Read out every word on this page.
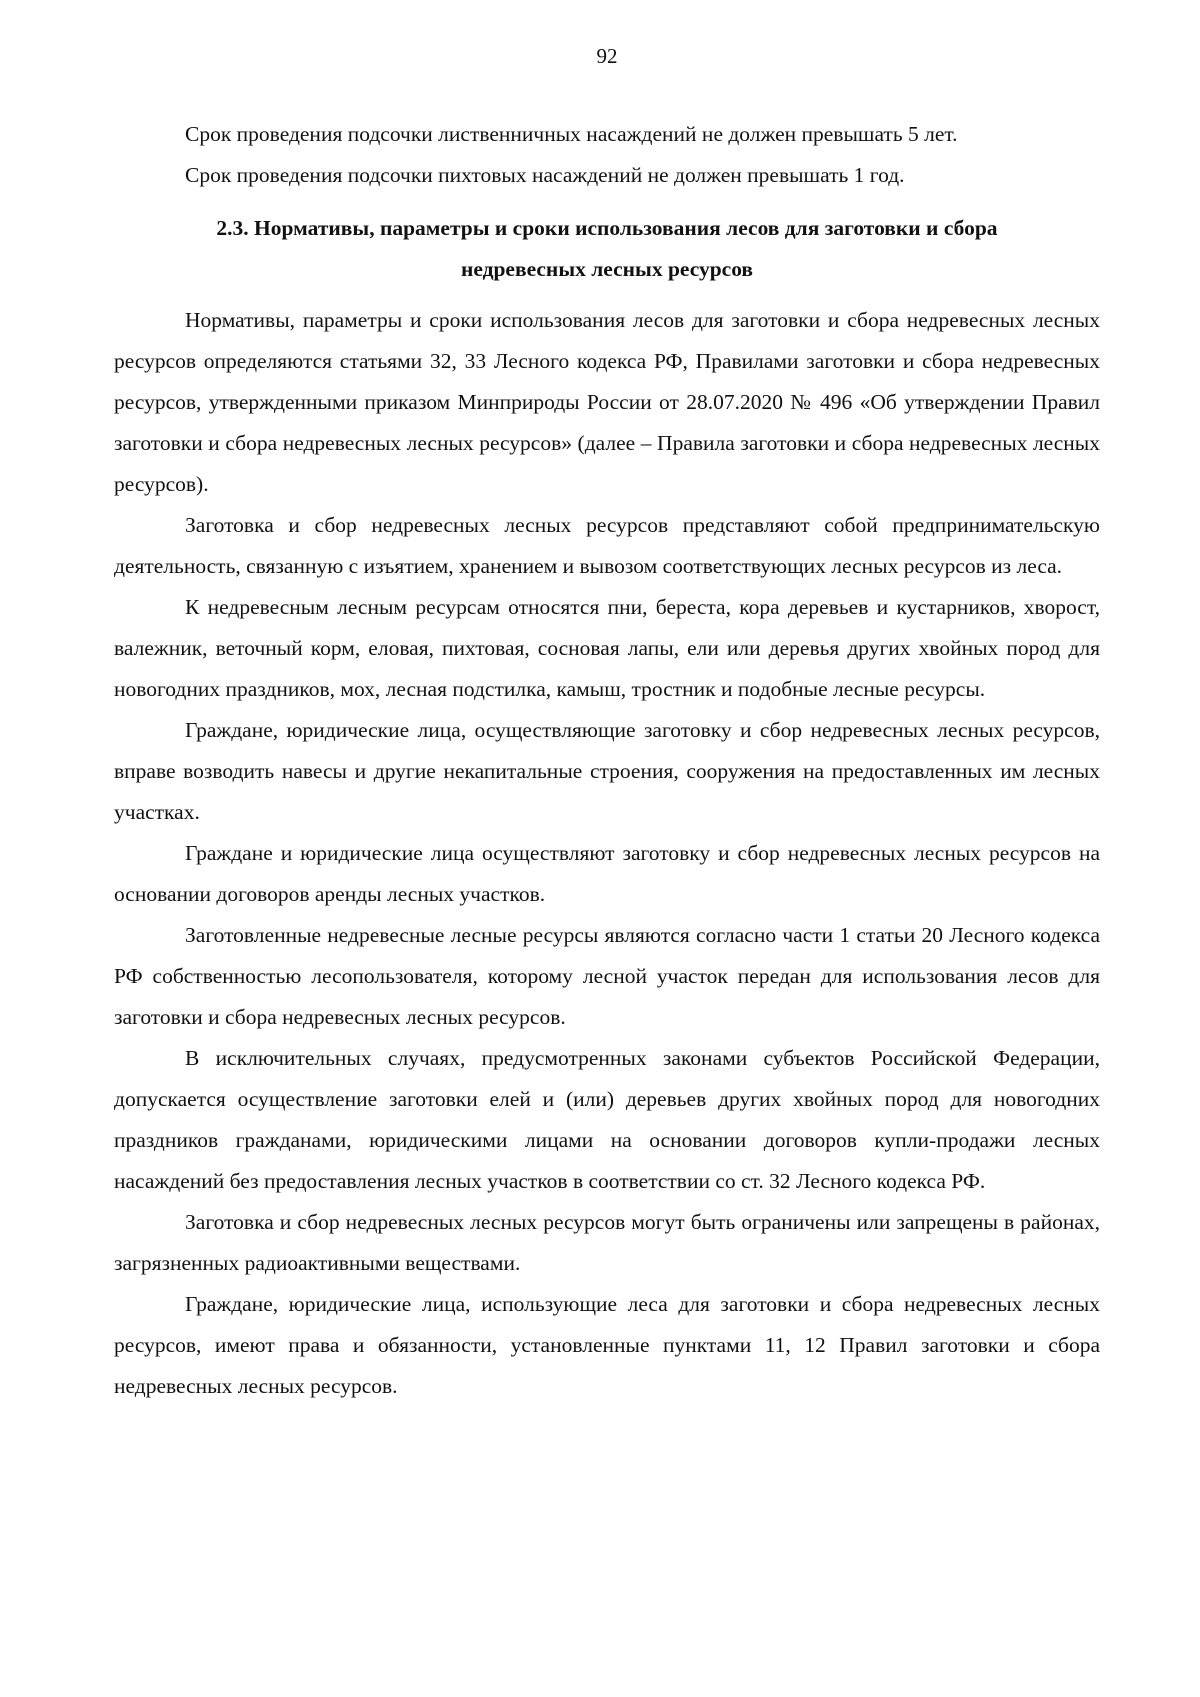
92

Срок проведения подсочки лиственничных насаждений не должен превышать 5 лет.

Срок проведения подсочки пихтовых насаждений не должен превышать 1 год.

2.3. Нормативы, параметры и сроки использования лесов для заготовки и сбора недревесных лесных ресурсов

Нормативы, параметры и сроки использования лесов для заготовки и сбора недревесных лесных ресурсов определяются статьями 32, 33 Лесного кодекса РФ, Правилами заготовки и сбора недревесных ресурсов, утвержденными приказом Минприроды России от 28.07.2020 № 496 «Об утверждении Правил заготовки и сбора недревесных лесных ресурсов» (далее – Правила заготовки и сбора недревесных лесных ресурсов).

Заготовка и сбор недревесных лесных ресурсов представляют собой предпринимательскую деятельность, связанную с изъятием, хранением и вывозом соответствующих лесных ресурсов из леса.

К недревесным лесным ресурсам относятся пни, береста, кора деревьев и кустарников, хворост, валежник, веточный корм, еловая, пихтовая, сосновая лапы, ели или деревья других хвойных пород для новогодних праздников, мох, лесная подстилка, камыш, тростник и подобные лесные ресурсы.

Граждане, юридические лица, осуществляющие заготовку и сбор недревесных лесных ресурсов, вправе возводить навесы и другие некапитальные строения, сооружения на предоставленных им лесных участках.

Граждане и юридические лица осуществляют заготовку и сбор недревесных лесных ресурсов на основании договоров аренды лесных участков.

Заготовленные недревесные лесные ресурсы являются согласно части 1 статьи 20 Лесного кодекса РФ собственностью лесопользователя, которому лесной участок передан для использования лесов для заготовки и сбора недревесных лесных ресурсов.

В исключительных случаях, предусмотренных законами субъектов Российской Федерации, допускается осуществление заготовки елей и (или) деревьев других хвойных пород для новогодних праздников гражданами, юридическими лицами на основании договоров купли-продажи лесных насаждений без предоставления лесных участков в соответствии со ст. 32 Лесного кодекса РФ.

Заготовка и сбор недревесных лесных ресурсов могут быть ограничены или запрещены в районах, загрязненных радиоактивными веществами.

Граждане, юридические лица, использующие леса для заготовки и сбора недревесных лесных ресурсов, имеют права и обязанности, установленные пунктами 11, 12 Правил заготовки и сбора недревесных лесных ресурсов.
